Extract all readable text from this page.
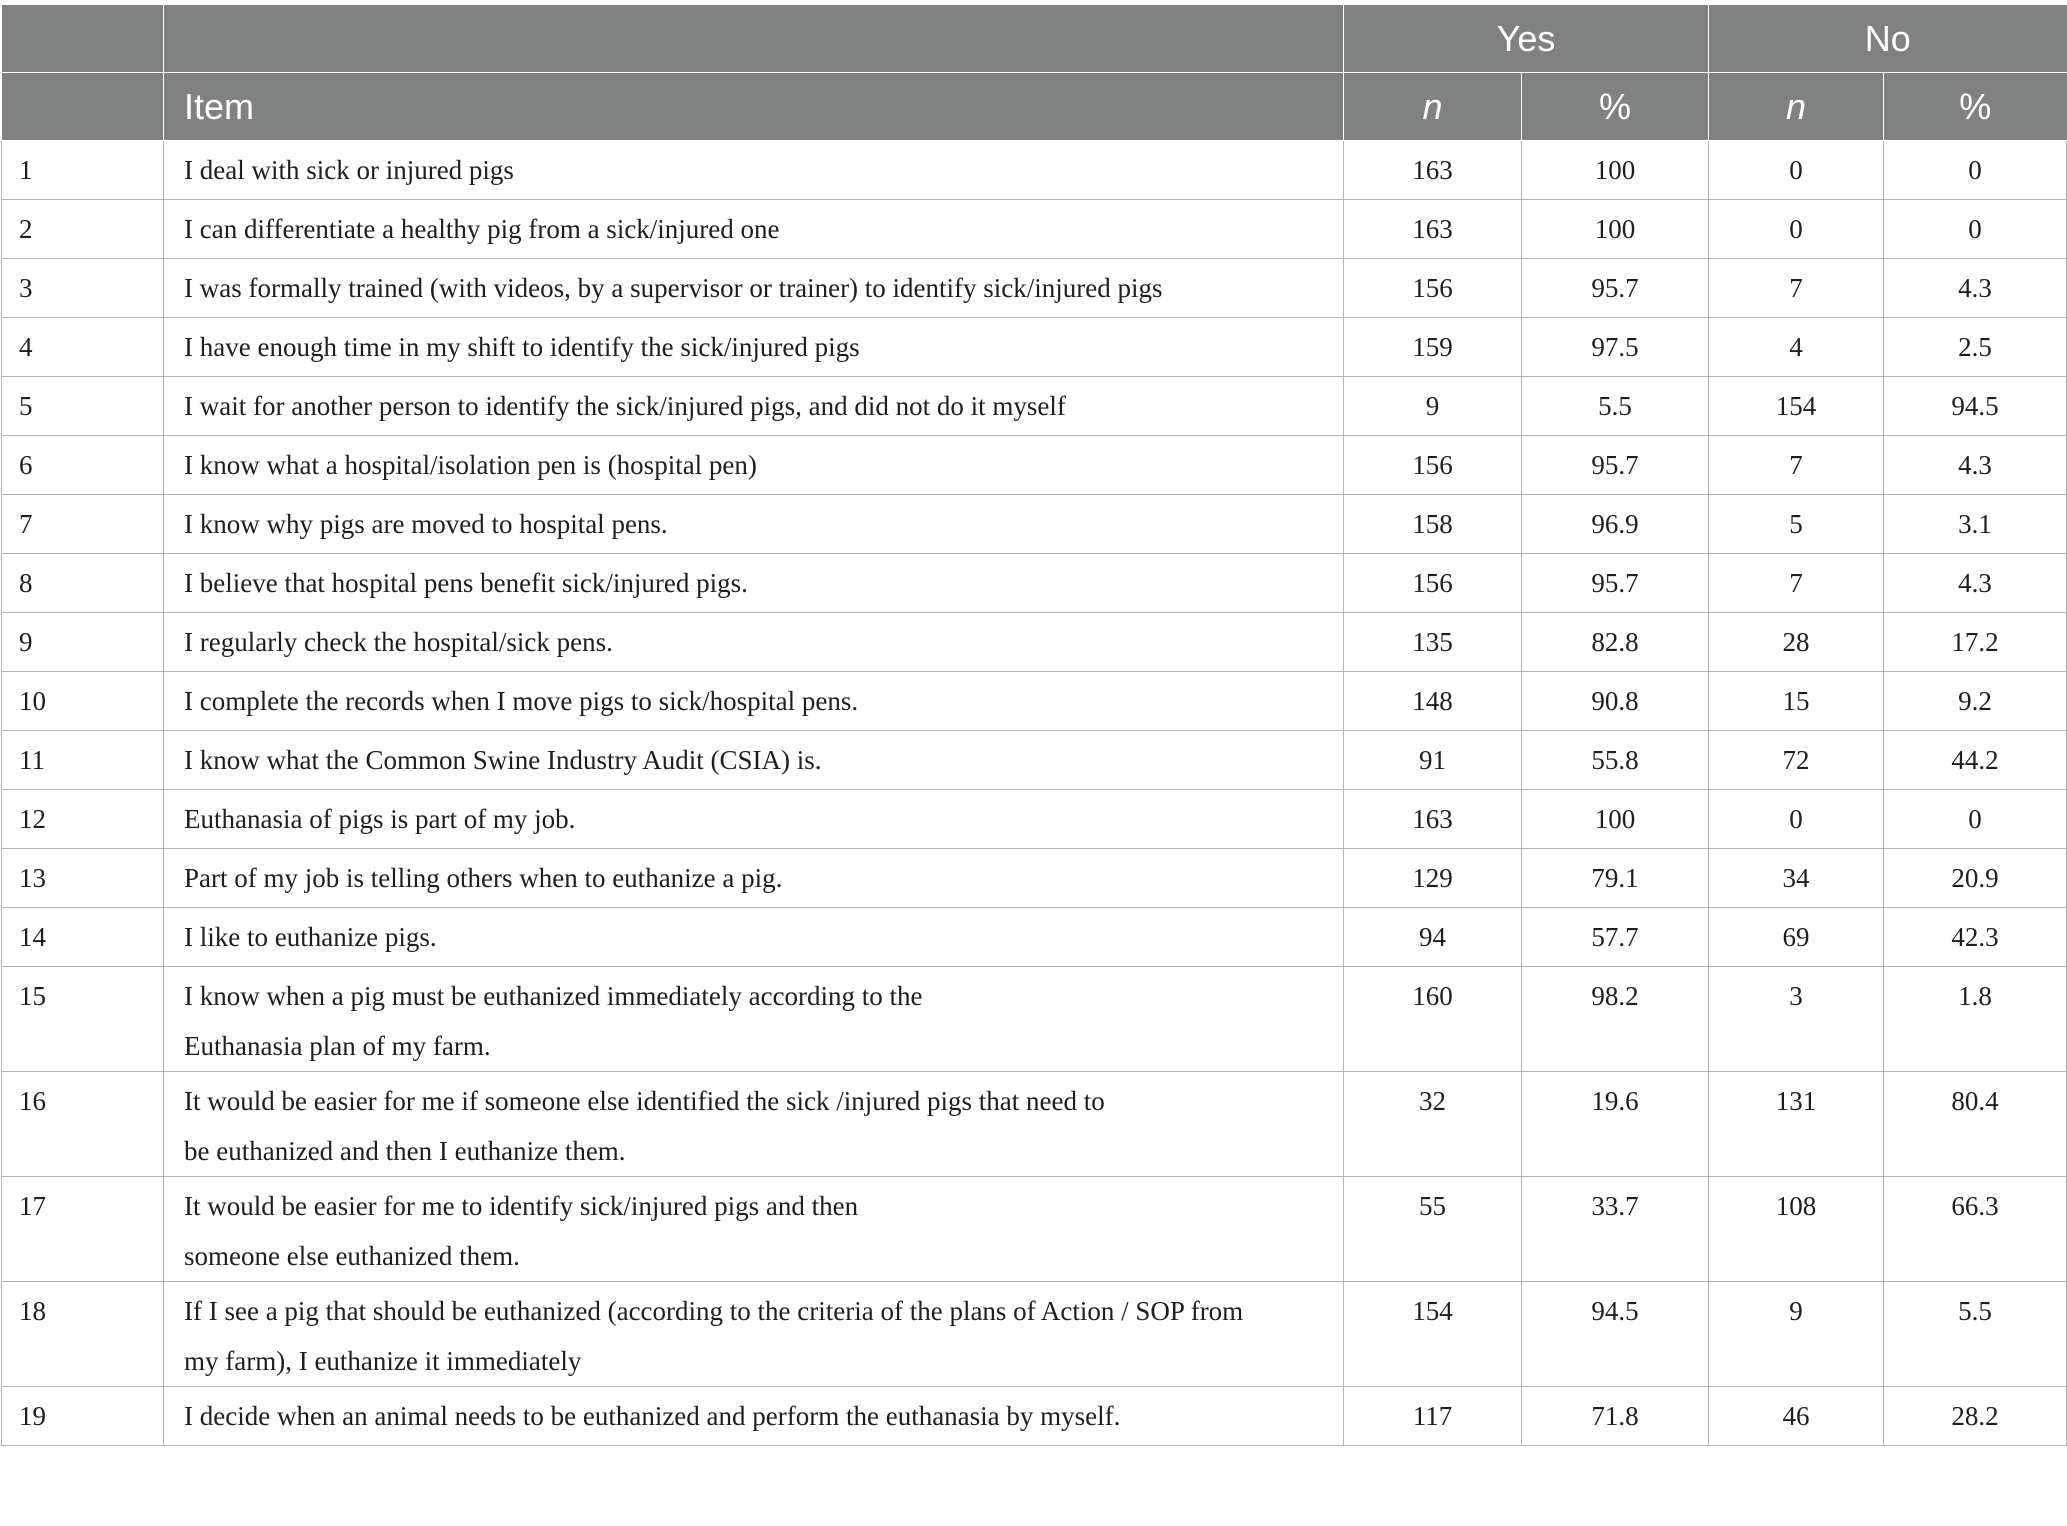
		Yes		No	
	Item	n	%	n	%
1	I deal with sick or injured pigs	163	100	0	0
2	I can differentiate a healthy pig from a sick/injured one	163	100	0	0
3	I was formally trained (with videos, by a supervisor or trainer) to identify sick/injured pigs	156	95.7	7	4.3
4	I have enough time in my shift to identify the sick/injured pigs	159	97.5	4	2.5
5	I wait for another person to identify the sick/injured pigs, and did not do it myself	9	5.5	154	94.5
6	I know what a hospital/isolation pen is (hospital pen)	156	95.7	7	4.3
7	I know why pigs are moved to hospital pens.	158	96.9	5	3.1
8	I believe that hospital pens benefit sick/injured pigs.	156	95.7	7	4.3
9	I regularly check the hospital/sick pens.	135	82.8	28	17.2
10	I complete the records when I move pigs to sick/hospital pens.	148	90.8	15	9.2
11	I know what the Common Swine Industry Audit (CSIA) is.	91	55.8	72	44.2
12	Euthanasia of pigs is part of my job.	163	100	0	0
13	Part of my job is telling others when to euthanize a pig.	129	79.1	34	20.9
14	I like to euthanize pigs.	94	57.7	69	42.3
15	I know when a pig must be euthanized immediately according to the
Euthanasia plan of my farm.	160	98.2	3	1.8
16	It would be easier for me if someone else identified the sick /injured pigs that need to
be euthanized and then I euthanize them.	32	19.6	131	80.4
17	It would be easier for me to identify sick/injured pigs and then
someone else euthanized them.	55	33.7	108	66.3
18	If I see a pig that should be euthanized (according to the criteria of the plans of Action / SOP from
my farm), I euthanize it immediately	154	94.5	9	5.5
19	I decide when an animal needs to be euthanized and perform the euthanasia by myself.	117	71.8	46	28.2
